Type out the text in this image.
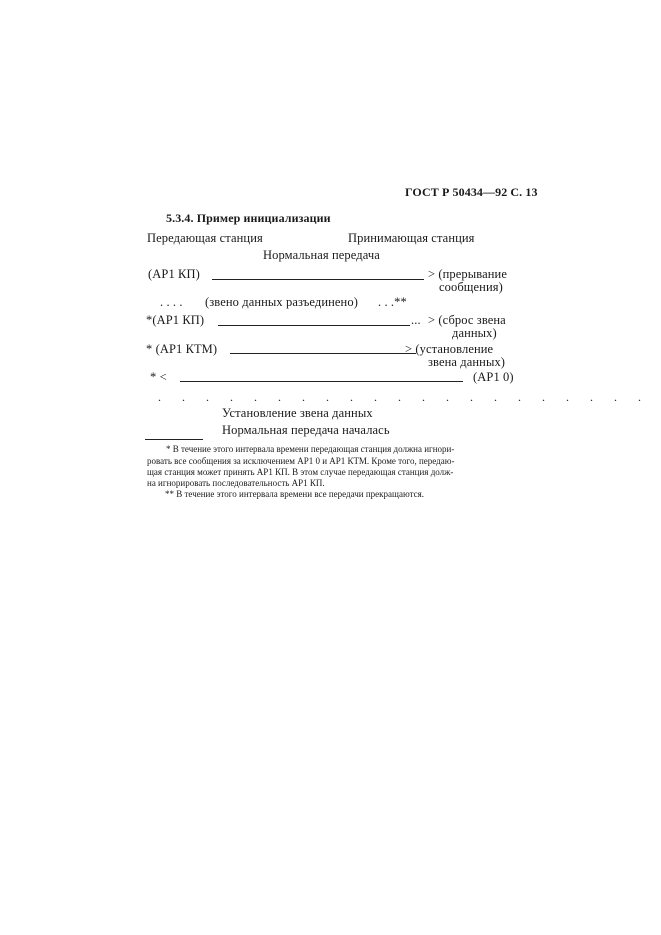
ГОСТ Р 50434—92 С. 13
5.3.4. Пример инициализации
Передающая станция	Принимающая станция
Нормальная передача
(АР1 КП)	> (прерывание
сообщения)
. . . . (звено данных разъединено) . . .**
*(АР1 КП)	... > (сброс звена
данных)
* (АР1 КТМ)	> (установление
звена данных)
* <	(АР1 0)
. . . . . . . . . . . . . . . . . . . . .
Установление звена данных
Нормальная передача началась
* В течение этого интервала времени передающая станция должна игнори-
ровать все сообщения за исключением АР1 0 и АР1 КТМ. Кроме того, передаю-
щая станция может принять АР1 КП. В этом случае передающая станция долж-
на игнорировать последовательность АР1 КП.
** В течение этого интервала времени все передачи прекращаются.
